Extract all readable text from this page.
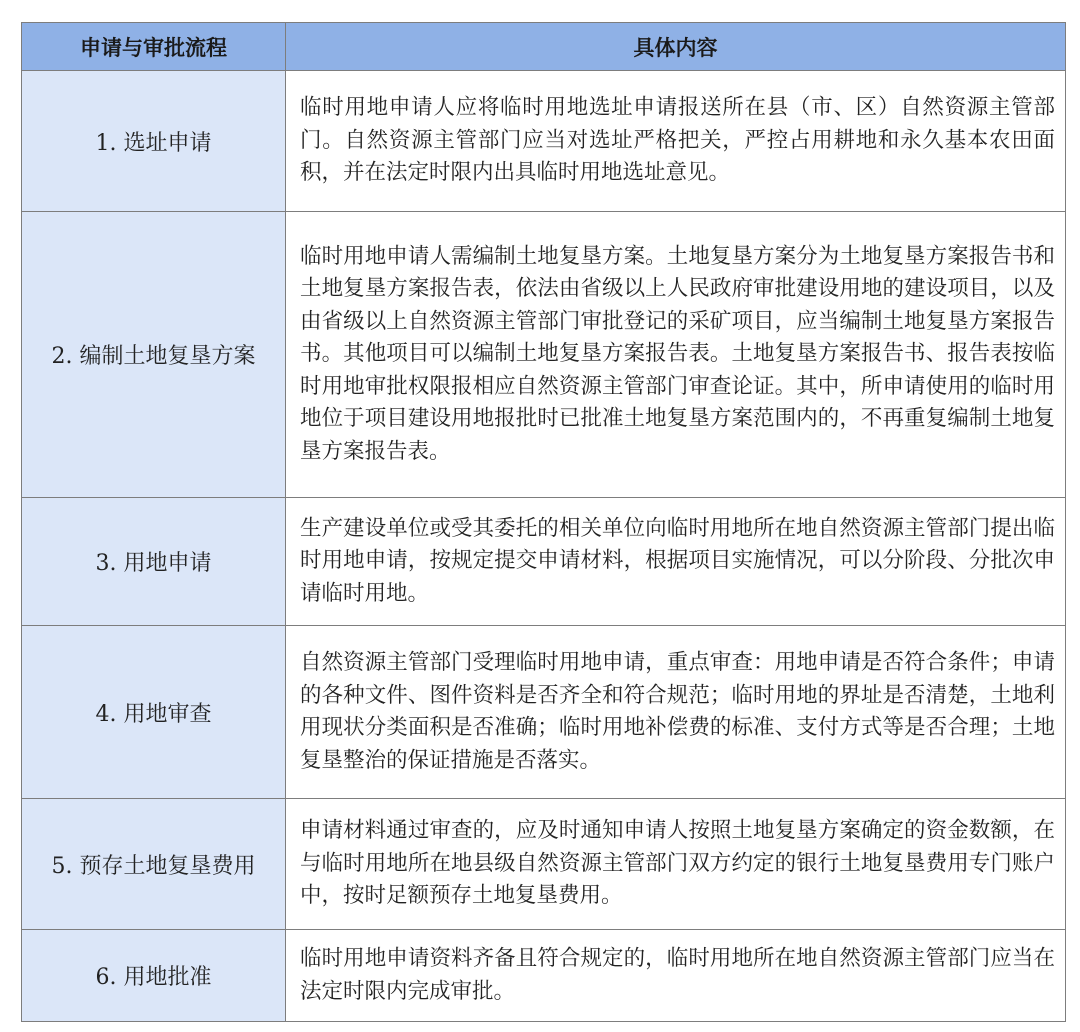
申请与审批流程	具体内容
1. 选址申请	临时用地申请人应将临时用地选址申请报送所在县（市、区）自然资源主管部门。自然资源主管部门应当对选址严格把关，严控占用耕地和永久基本农田面积，并在法定时限内出具临时用地选址意见。
2. 编制土地复垦方案	临时用地申请人需编制土地复垦方案。土地复垦方案分为土地复垦方案报告书和土地复垦方案报告表，依法由省级以上人民政府审批建设用地的建设项目，以及由省级以上自然资源主管部门审批登记的采矿项目，应当编制土地复垦方案报告书。其他项目可以编制土地复垦方案报告表。土地复垦方案报告书、报告表按临时用地审批权限报相应自然资源主管部门审查论证。其中，所申请使用的临时用地位于项目建设用地报批时已批准土地复垦方案范围内的，不再重复编制土地复垦方案报告表。
3. 用地申请	生产建设单位或受其委托的相关单位向临时用地所在地自然资源主管部门提出临时用地申请，按规定提交申请材料，根据项目实施情况，可以分阶段、分批次申请临时用地。
4. 用地审查	自然资源主管部门受理临时用地申请，重点审查：用地申请是否符合条件；申请的各种文件、图件资料是否齐全和符合规范；临时用地的界址是否清楚，土地利用现状分类面积是否准确；临时用地补偿费的标准、支付方式等是否合理；土地复垦整治的保证措施是否落实。
5. 预存土地复垦费用	申请材料通过审查的，应及时通知申请人按照土地复垦方案确定的资金数额，在与临时用地所在地县级自然资源主管部门双方约定的银行土地复垦费用专门账户中，按时足额预存土地复垦费用。
6. 用地批准	临时用地申请资料齐备且符合规定的，临时用地所在地自然资源主管部门应当在法定时限内完成审批。
